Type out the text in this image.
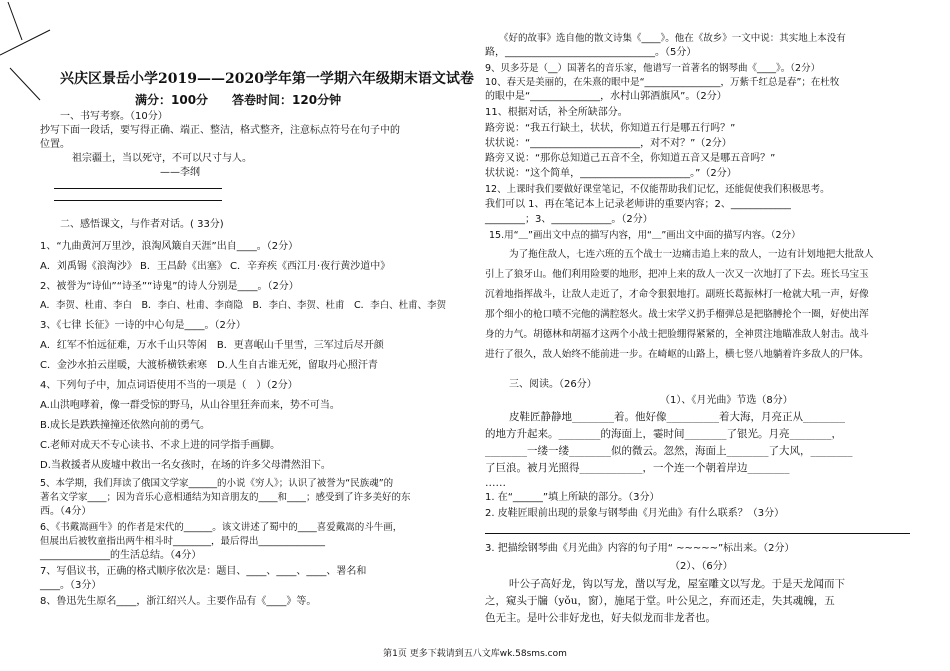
兴庆区景岳小学2019——2020学年第一学期六年级期末语文试卷
满分：100分　　答卷时间：120分钟
一、书写考察。（10分）
抄写下面一段话，要写得正确、端正、整洁，格式整齐，注意标点符号在句子中的
位置。
祖宗疆土，当以死守，不可以尺寸与人。
——李纲
二、感悟课文，与作者对话。( 33分)
1、“九曲黄河万里沙，浪淘风簸自天涯”出自____。（2分）
A．刘禹锡《浪淘沙》 B．王昌龄《出塞》 C．辛弃疾《西江月·夜行黄沙道中》
2、被誉为“诗仙”“诗圣”“诗鬼”的诗人分别是____。（2分）
A．李贺、杜甫、李白　B．李白、杜甫、李商隐　B．李白、李贺、杜甫　C．李白、杜甫、李贺
3、《七律 长征》一诗的中心句是____。（2分）
A．红军不怕远征难，万水千山只等闲　B．更喜岷山千里雪，三军过后尽开颜
C．金沙水拍云崖暖，大渡桥横铁索寒　D.人生自古谁无死，留取丹心照汗青
4、下列句子中，加点词语使用不当的一项是（　）（2分）
A.山洪咆哮着，像一群受惊的野马，从山谷里狂奔而来，势不可当。
B.成长是跌跌撞撞还依然向前的勇气。
C.老师对成天不专心读书、不求上进的同学指手画脚。
D.当救援者从废墟中救出一名女孩时，在场的许多父母潸然泪下。
5、本学期，我们拜读了俄国文学家______的小说《穷人》；认识了被誉为“民族魂”的
著名文学家____；因为音乐心意相通结为知音朋友的____和____；感受到了许多美好的东
西。（4分）
6、《书戴嵩画牛》的作者是宋代的______。该文讲述了蜀中的____喜爱戴嵩的斗牛画，
但展出后被牧童指出两牛相斗时________，最后得出______________
______________的生活总结。（4分）
7、写倡议书，正确的格式顺序依次是：题目、____、____、____、署名和
____。（3分）
8、鲁迅先生原名____，浙江绍兴人。主要作品有《____》等。
《好的故事》选自他的散文诗集《____》。他在《故乡》一文中说：其实地上本没有
路，______________________________。（5分）
9、贝多芬是（__）国著名的音乐家，他谱写一首著名的钢琴曲《____》。（2分）
10、春天是美丽的，在朱熹的眼中是“________________，万紫千红总是春”；在杜牧
的眼中是“______________，水村山郭酒旗风”。（2分）
11、根据对话，补全所缺部分。
路旁说：“我五行缺土，状状，你知道五行是哪五行吗？”
状状说：“______________________，对不对？”（2分）
路旁又说：“那你总知道己五音不全，你知道五音又是哪五音吗？”
状状说：“这个简单，______________________。”（2分）
12、上课时我们要做好课堂笔记，不仅能帮助我们记忆，还能促使我们积极思考。
我们可以 1、再在笔记本上记录老师讲的重要内容；2、____________
________；3、____________。（2分）
15.用“＿”画出文中点的描写内容，用“＿”画出文中面的描写内容。（2分）
为了拖住敌人，七连六班的五个战士一边痛击追上来的敌人，一边有计划地把大批敌人
引上了狼牙山。他们利用险要的地形，把冲上来的敌人一次又一次地打了下去。班长马宝玉
沉着地指挥战斗，让敌人走近了，才命令狠狠地打。副班长葛振林打一枪就大吼一声，好像
那个细小的枪口喷不完他的满腔怒火。战士宋学义扔手榴弹总是把胳膊抡个一圈，好使出浑
身的力气。胡德林和胡福才这两个小战士把脸绷得紧紧的，全神贯注地瞄准敌人射击。战斗
进行了很久，敌人始终不能前进一步。在崎岖的山路上，横七竖八地躺着许多敌人的尸体。
三、阅读。（26分）
（1）、《月光曲》节选（8分）
皮鞋匠静静地________着。他好像__________着大海，月亮正从________
的地方升起来。________的海面上，霎时间________了银光。月亮________，
________一缕一缕________似的微云。忽然，海面上________了大风，________
了巨浪。被月光照得____________，一个连一个朝着岸边________
……
1. 在“______”填上所缺的部分。（3分）
2. 皮鞋匠眼前出现的景象与钢琴曲《月光曲》有什么联系？（3分）
3. 把描绘钢琴曲《月光曲》内容的句子用“ ~~~~~”标出来。（2分）
（2）、（6分）
叶公子高好龙，钩以写龙，凿以写龙，屋室雕文以写龙。于是天龙闻而下
之，窥头于牖（yǒu，窗），施尾于堂。叶公见之，弃而还走，失其魂魄，五
色无主。是叶公非好龙也，好夫似龙而非龙者也。
第1页 更多下载请到五八文库wk.58sms.com
